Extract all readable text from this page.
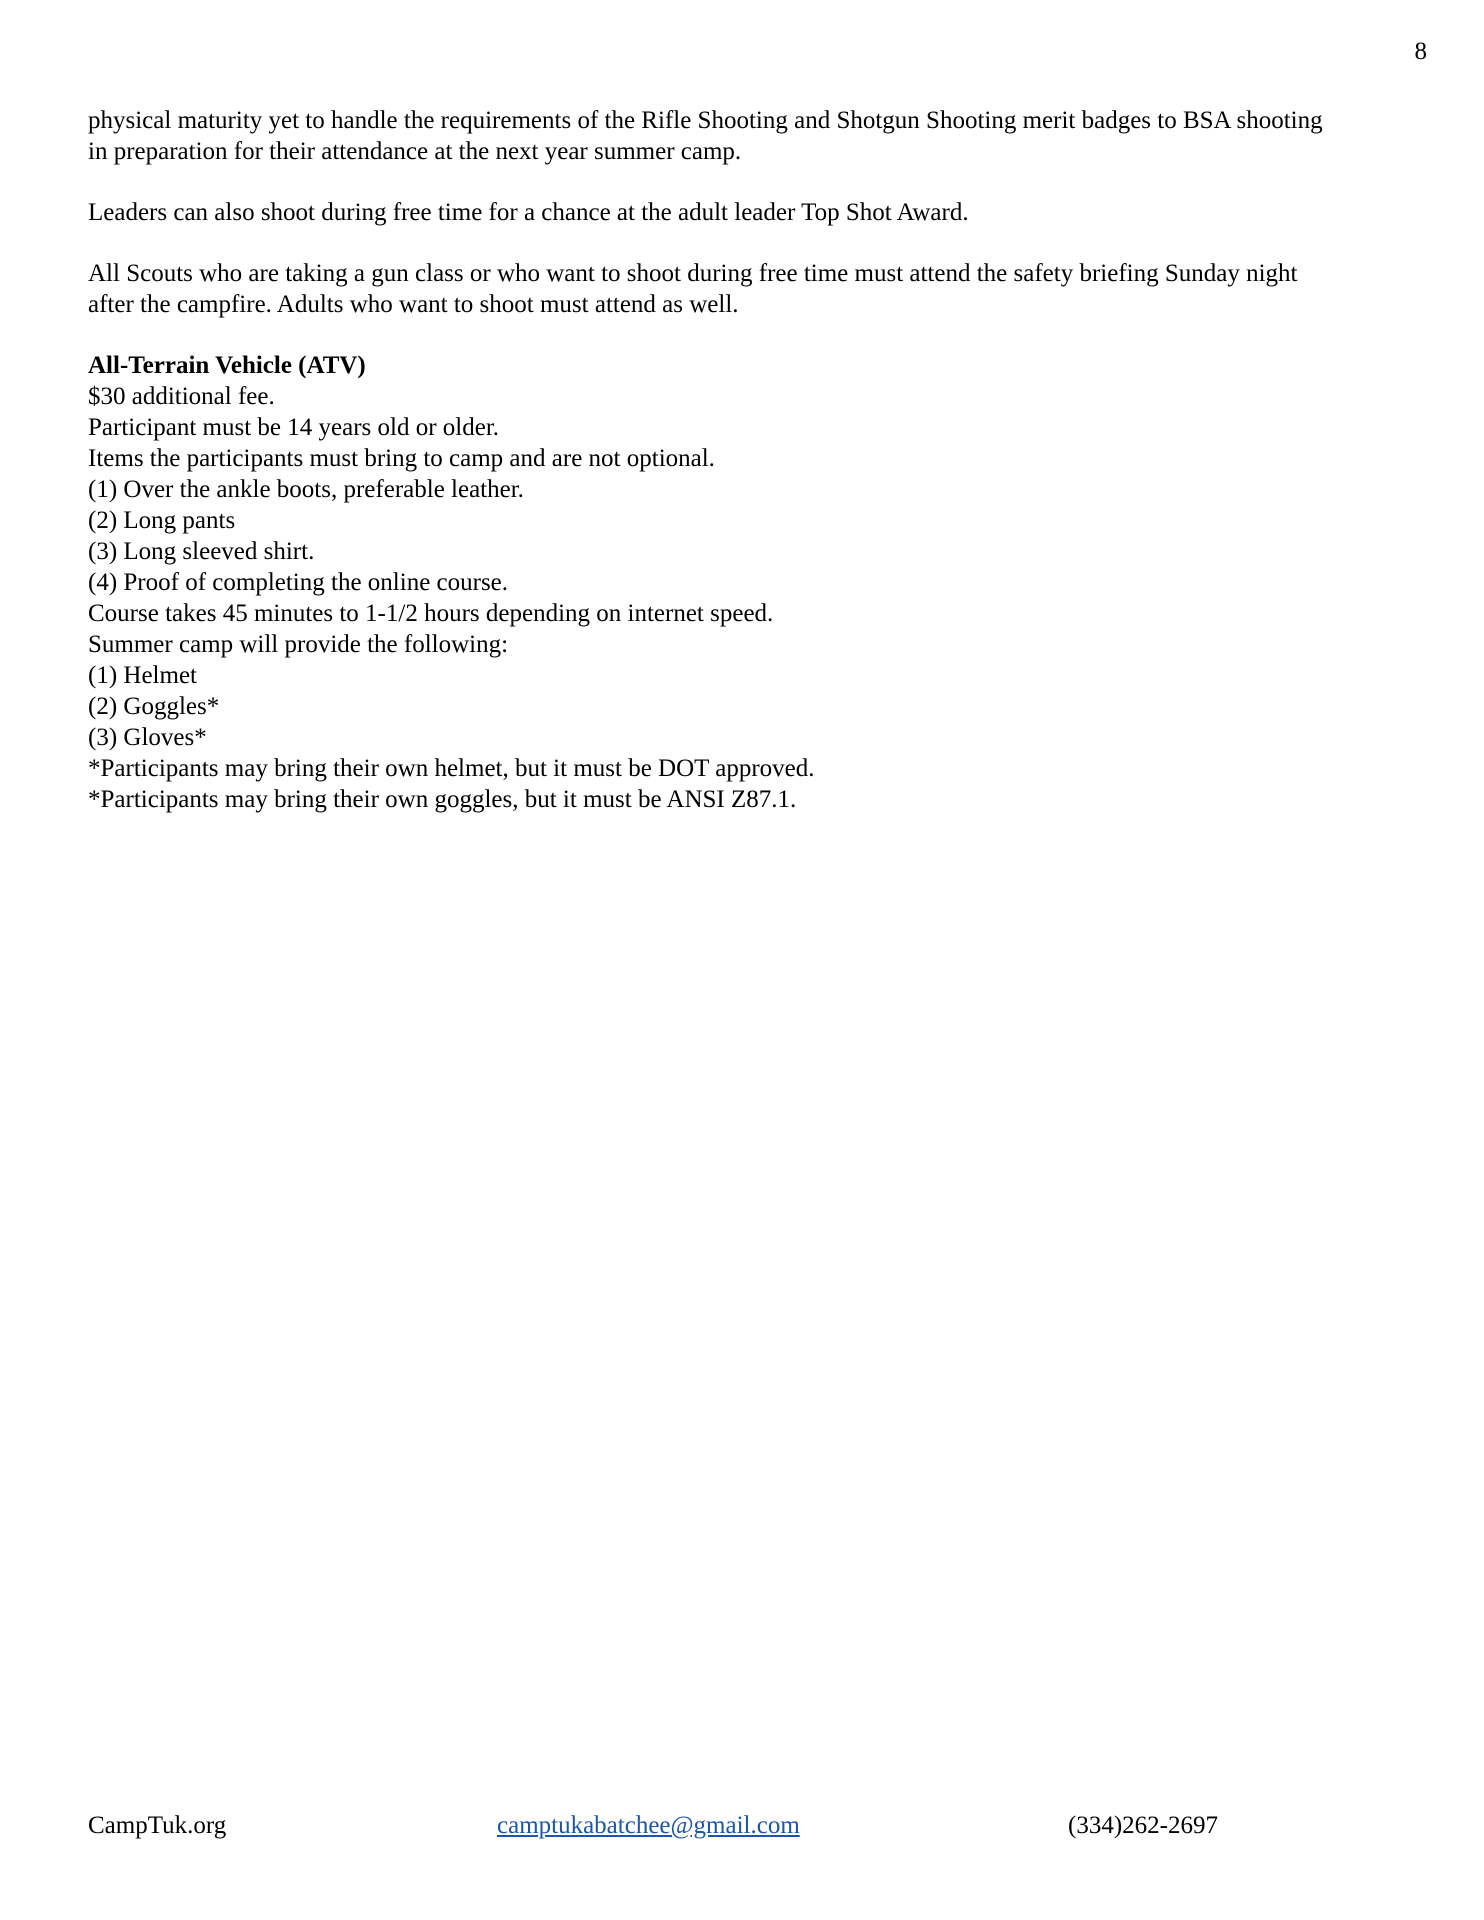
8

physical maturity yet to handle the requirements of the Rifle Shooting and Shotgun Shooting merit badges to BSA shooting
in preparation for their attendance at the next year summer camp.

Leaders can also shoot during free time for a chance at the adult leader Top Shot Award.

All Scouts who are taking a gun class or who want to shoot during free time must attend the safety briefing Sunday night
after the campfire. Adults who want to shoot must attend as well.

All-Terrain Vehicle (ATV)
$30 additional fee.
Participant must be 14 years old or older.
Items the participants must bring to camp and are not optional.
(1) Over the ankle boots, preferable leather.
(2) Long pants
(3) Long sleeved shirt.
(4) Proof of completing the online course.
Course takes 45 minutes to 1-1/2 hours depending on internet speed.
Summer camp will provide the following:
(1) Helmet
(2) Goggles*
(3) Gloves*
*Participants may bring their own helmet, but it must be DOT approved.
*Participants may bring their own goggles, but it must be ANSI Z87.1.
CampTuk.org	camptukabatchee@gmail.com	(334)262-2697
